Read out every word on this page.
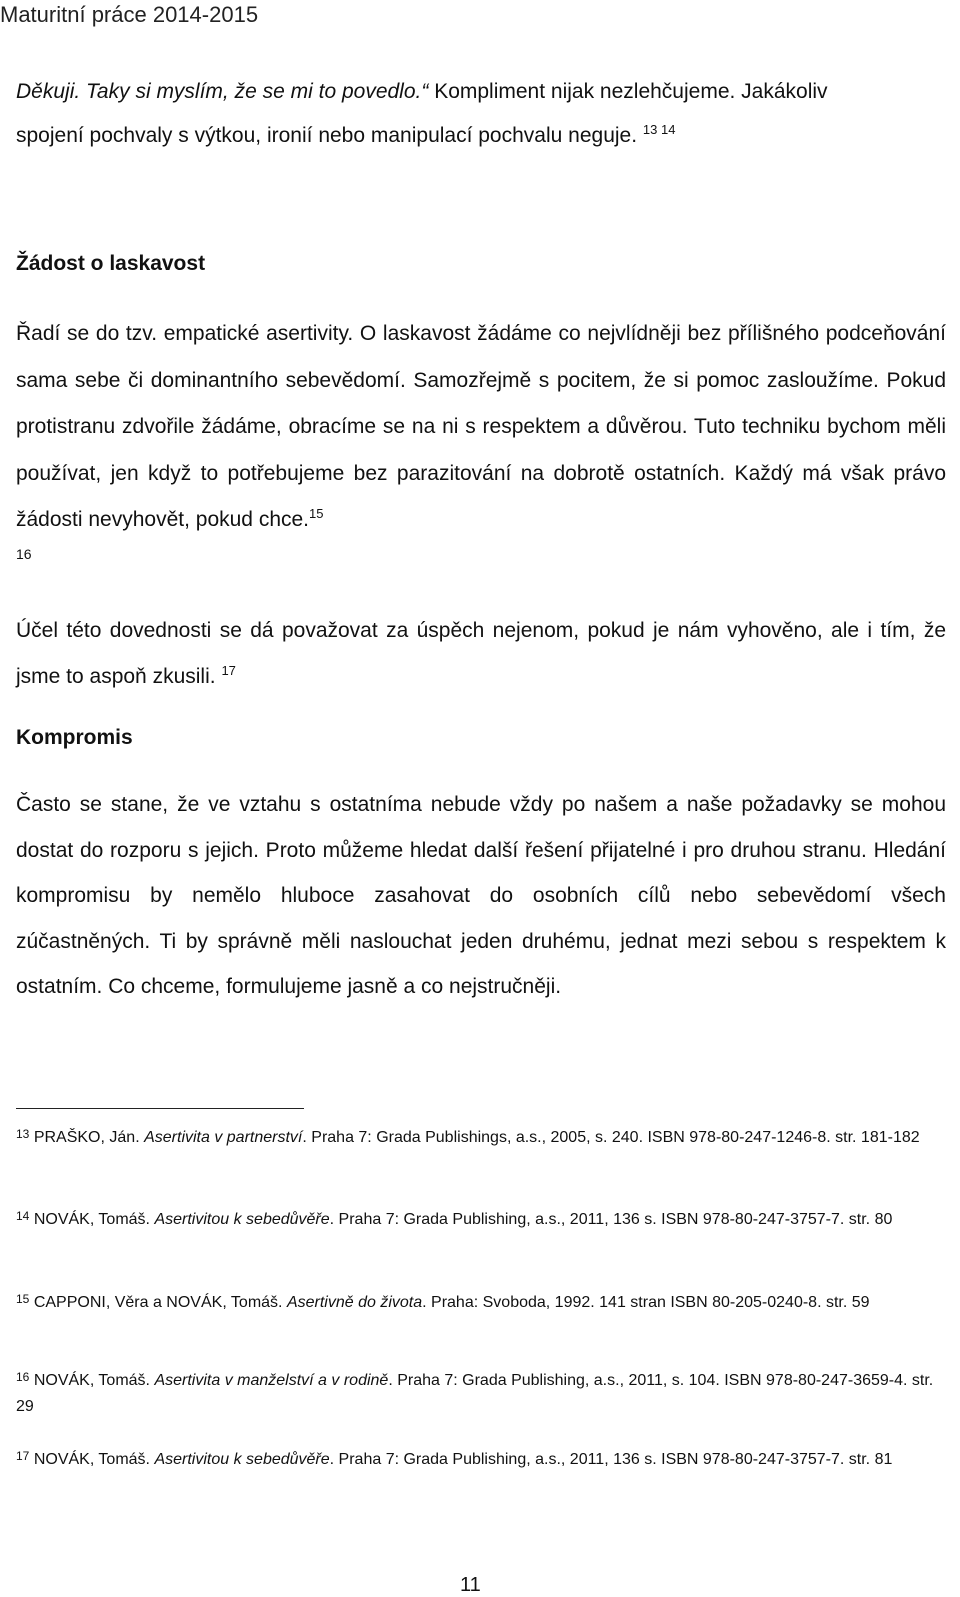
Maturitní práce 2014-2015
Děkuji. Taky si myslím, že se mi to povedlo.“ Kompliment nijak nezlehčujeme. Jakákoliv
spojení pochvaly s výtkou, ironií nebo manipulací pochvalu neguje. $^{13 14}$
Žádost o laskavost
Řadí se do tzv. empatické asertivity. O laskavost žádáme co nejvlídněji bez přílišného podceňování sama sebe či dominantního sebevědomí. Samozřejmě s pocitem, že si pomoc zasloužíme. Pokud protistranu zdvořile žádáme, obracíme se na ni s respektem a důvěrou. Tuto techniku bychom měli používat, jen když to potřebujeme bez parazitování na dobrotě ostatních. Každý má však právo žádosti nevyhovět, pokud chce.$^{15}$
16
Účel této dovednosti se dá považovat za úspěch nejenom, pokud je nám vyhověno, ale i tím, že jsme to aspoň zkusili. $^{17}$
Kompromis
Často se stane, že ve vztahu s ostatníma nebude vždy po našem a naše požadavky se mohou dostat do rozporu s jejich. Proto můžeme hledat další řešení přijatelné i pro druhou stranu. Hledání kompromisu by nemělo hluboce zasahovat do osobních cílů nebo sebevědomí všech zúčastněných. Ti by správně měli naslouchat jeden druhému, jednat mezi sebou s respektem k ostatním. Co chceme, formulujeme jasně a co nejstručněji.
$^{13}$ PRAŠKO, Ján. Asertivita v partnerství. Praha 7: Grada Publishings, a.s., 2005, s. 240. ISBN 978-80-247-1246-8. str. 181-182
$^{14}$ NOVÁK, Tomáš. Asertivitou k sebedůvěře. Praha 7: Grada Publishing, a.s., 2011, 136 s. ISBN 978-80-247-3757-7. str. 80
$^{15}$ CAPPONI, Věra a NOVÁK, Tomáš. Asertivně do života. Praha: Svoboda, 1992. 141 stran ISBN 80-205-0240-8. str. 59
$^{16}$ NOVÁK, Tomáš. Asertivita v manželství a v rodině. Praha 7: Grada Publishing, a.s., 2011, s. 104. ISBN 978-80-247-3659-4. str. 29
$^{17}$ NOVÁK, Tomáš. Asertivitou k sebedůvěře. Praha 7: Grada Publishing, a.s., 2011, 136 s. ISBN 978-80-247-3757-7. str. 81
11
